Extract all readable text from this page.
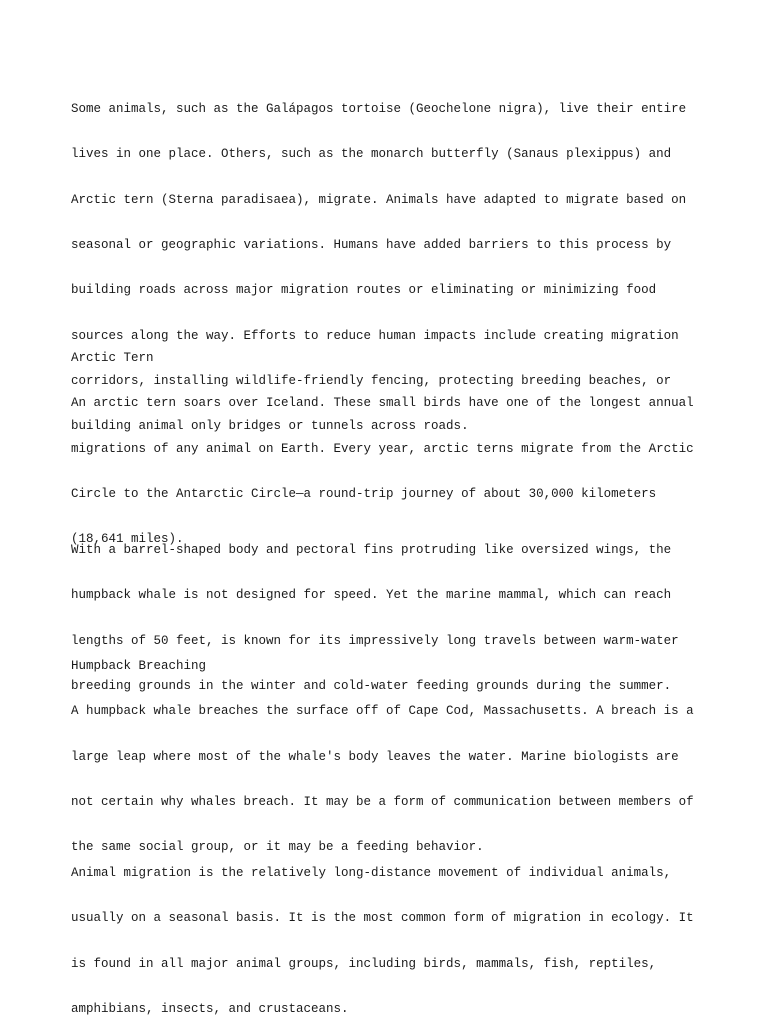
Some animals, such as the Galápagos tortoise (Geochelone nigra), live their entire

lives in one place. Others, such as the monarch butterfly (Sanaus plexippus) and

Arctic tern (Sterna paradisaea), migrate. Animals have adapted to migrate based on

seasonal or geographic variations. Humans have added barriers to this process by

building roads across major migration routes or eliminating or minimizing food

sources along the way. Efforts to reduce human impacts include creating migration

corridors, installing wildlife-friendly fencing, protecting breeding beaches, or

building animal only bridges or tunnels across roads.

Arctic Tern

An arctic tern soars over Iceland. These small birds have one of the longest annual

migrations of any animal on Earth. Every year, arctic terns migrate from the Arctic

Circle to the Antarctic Circle—a round-trip journey of about 30,000 kilometers

(18,641 miles).

With a barrel-shaped body and pectoral fins protruding like oversized wings, the

humpback whale is not designed for speed. Yet the marine mammal, which can reach

lengths of 50 feet, is known for its impressively long travels between warm-water

breeding grounds in the winter and cold-water feeding grounds during the summer.

Humpback Breaching

A humpback whale breaches the surface off of Cape Cod, Massachusetts. A breach is a

large leap where most of the whale's body leaves the water. Marine biologists are

not certain why whales breach. It may be a form of communication between members of

the same social group, or it may be a feeding behavior.

Animal migration is the relatively long-distance movement of individual animals,

usually on a seasonal basis. It is the most common form of migration in ecology. It

is found in all major animal groups, including birds, mammals, fish, reptiles,

amphibians, insects, and crustaceans.
